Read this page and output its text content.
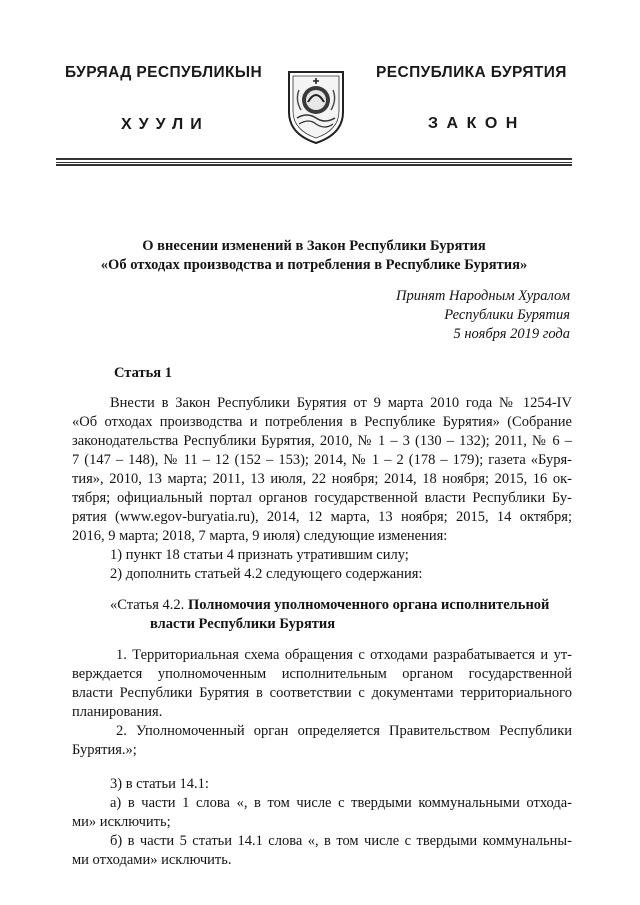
БУРЯАД РЕСПУБЛИКЫН
ХУУЛИ
РЕСПУБЛИКА БУРЯТИЯ
ЗАКОН
О внесении изменений в Закон Республики Бурятия
«Об отходах производства и потребления в Республике Бурятия»
Принят Народным Хуралом
Республики Бурятия
5 ноября 2019 года
Статья 1
Внести в Закон Республики Бурятия от 9 марта 2010 года № 1254-IV
«Об отходах производства и потребления в Республике Бурятия» (Собрание
законодательства Республики Бурятия, 2010, № 1 – 3 (130 – 132); 2011, № 6 –
7 (147 – 148), № 11 – 12 (152 – 153); 2014, № 1 – 2 (178 – 179); газета «Буря-
тия», 2010, 13 марта; 2011, 13 июля, 22 ноября; 2014, 18 ноября; 2015, 16 ок-
тября; официальный портал органов государственной власти Республики Бу-
рятия (www.egov-buryatia.ru), 2014, 12 марта, 13 ноября; 2015, 14 октября;
2016, 9 марта; 2018, 7 марта, 9 июля) следующие изменения:
1) пункт 18 статьи 4 признать утратившим силу;
2) дополнить статьей 4.2 следующего содержания:
«Статья 4.2. Полномочия уполномоченного органа исполнительной
власти Республики Бурятия
1. Территориальная схема обращения с отходами разрабатывается и ут-
верждается уполномоченным исполнительным органом государственной
власти Республики Бурятия в соответствии с документами территориального
планирования.
2. Уполномоченный орган определяется Правительством Республики
Бурятия.»;
3) в статьи 14.1:
а) в части 1 слова «, в том числе с твердыми коммунальными отхода-
ми» исключить;
б) в части 5 статьи 14.1 слова «, в том числе с твердыми коммунальны-
ми отходами» исключить.
